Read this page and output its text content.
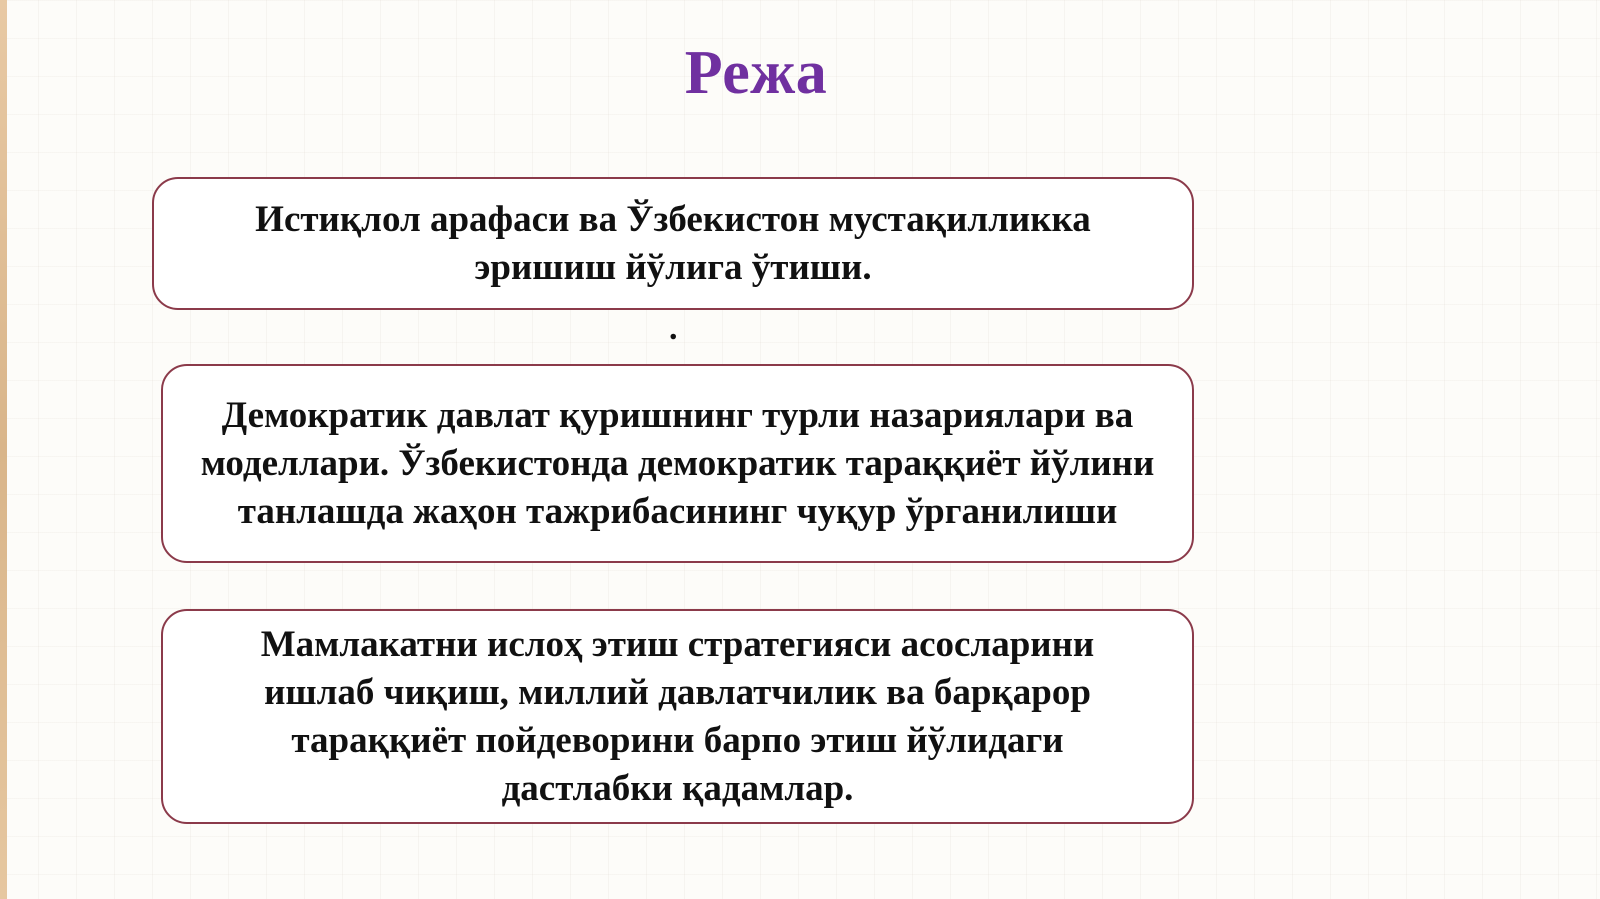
Режа
Истиқлол арафаси ва Ўзбекистон мустақилликка эришиш йўлига ўтиши.
.
Демократик давлат қуришнинг турли назариялари ва моделлари. Ўзбекистонда демократик тараққиёт йўлини танлашда жаҳон тажрибасининг чуқур ўрганилиши
Мамлакатни ислоҳ этиш стратегияси асосларини ишлаб чиқиш, миллий давлатчилик ва барқарор тараққиёт пойдеворини барпо этиш йўлидаги дастлабки қадамлар.
